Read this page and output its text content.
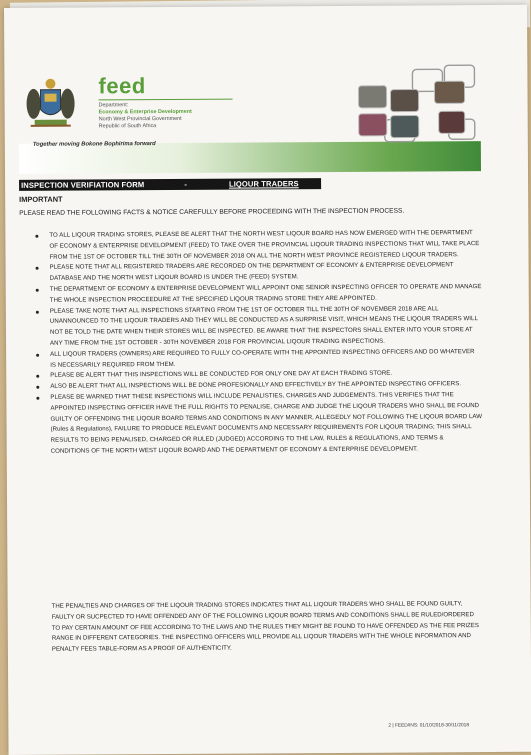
feed
Department:
Economy & Enterprise Development
North West Provincial Government
Republic of South Africa
Together moving Bokone Bophirima forward
INSPECTION VERIFIATION FORM	-	LIQOUR TRADERS
IMPORTANT
PLEASE READ THE FOLLOWING FACTS & NOTICE CAREFULLY BEFORE PROCEEDING WITH THE INSPECTION PROCESS.
TO ALL LIQOUR TRADING STORES, PLEASE BE ALERT THAT THE NORTH WEST LIQOUR BOARD HAS NOW EMERGED WITH THE DEPARTMENT OF ECONOMY & ENTERPRISE DEVELOPMENT (FEED) TO TAKE OVER THE PROVINCIAL LIQOUR TRADING INSPECTIONS THAT WILL TAKE PLACE FROM THE 1ST OF OCTOBER TILL THE 30TH OF NOVEMBER 2018 ON ALL THE NORTH WEST PROVINCE REGISTERED LIQOUR TRADERS.
PLEASE NOTE THAT ALL REGISTERED TRADERS ARE RECORDED ON THE DEPARTMENT OF ECONOMY & ENTERPRISE DEVELOPMENT DATABASE AND THE NORTH WEST LIQOUR BOARD IS UNDER THE (FEED) SYSTEM.
THE DEPARTMENT OF ECONOMY & ENTERPRISE DEVELOPMENT WILL APPOINT ONE SENIOR INSPECTING OFFICER TO OPERATE AND MANAGE THE WHOLE INSPECTION PROCEEDURE AT THE SPECIFIED LIQOUR TRADING STORE THEY ARE APPOINTED.
PLEASE TAKE NOTE THAT ALL INSPECTIONS STARTING FROM THE 1ST OF OCTOBER TILL THE 30TH OF NOVEMBER 2018 ARE ALL UNANNOUNCED TO THE LIQOUR TRADERS AND THEY WILL BE CONDUCTED AS A SURPRISE VISIT, WHICH MEANS THE LIQOUR TRADERS WILL NOT BE TOLD THE DATE WHEN THEIR STORES WILL BE INSPECTED. BE AWARE THAT THE INSPECTORS SHALL ENTER INTO YOUR STORE AT ANY TIME FROM THE 1ST OCTOBER - 30TH NOVEMBER 2018 FOR PROVINCIAL LIQOUR TRADING INSPECTIONS.
ALL LIQOUR TRADERS (OWNERS) ARE REQUIRED TO FULLY CO-OPERATE WITH THE APPOINTED INSPECTING OFFICERS AND DO WHATEVER IS NECESSARILY REQUIRED FROM THEM.
PLEASE BE ALERT THAT THIS INSPECTIONS WILL BE CONDUCTED FOR ONLY ONE DAY AT EACH TRADING STORE.
ALSO BE ALERT THAT ALL INSPECTIONS WILL BE DONE PROFESIONALLY AND EFFECTIVELY BY THE APPOINTED INSPECTING OFFICERS.
PLEASE BE WARNED THAT THESE INSPECTIONS WILL INCLUDE PENALISTIES, CHARGES AND JUDGEMENTS. THIS VERIFIES THAT THE APPOINTED INSPECTING OFFICER HAVE THE FULL RIGHTS TO PENALISE, CHARGE AND JUDGE THE LIQOUR TRADERS WHO SHALL BE FOUND GUILTY OF OFFENDING THE LIQOUR BOARD TERMS AND CONDITIONS IN ANY MANNER, ALLEGEDLY NOT FOLLOWING THE LIQOUR BOARD LAW (Rules & Regulations), FAILURE TO PRODUCE RELEVANT DOCUMENTS AND NECESSARY REQUIREMENTS FOR LIQOUR TRADING; THIS SHALL RESULTS TO BEING PENALISED, CHARGED OR RULED (JUDGED) ACCORDING TO THE LAW, RULES & REGULATIONS, AND TERMS & CONDITIONS OF THE NORTH WEST LIQOUR BOARD AND THE DEPARTMENT OF ECONOMY & ENTERPRISE DEVELOPMENT.
THE PENALTIES AND CHARGES OF THE LIQOUR TRADING STORES INDICATES THAT ALL LIQOUR TRADERS WHO SHALL BE FOUND GUILTY, FAULTY OR SUCPECTED TO HAVE OFFENDED ANY OF THE FOLLOWING LIQOUR BOARD TERMS AND CONDITIONS SHALL BE RULED/ORDERED TO PAY CERTAIN AMOUNT OF FEE ACCORDING TO THE LAWS AND THE RULES THEY MIGHT BE FOUND TO HAVE OFFENDED AS THE FEE PRIZES RANGE IN DIFFERENT CATEGORIES. THE INSPECTING OFFICERS WILL PROVIDE ALL LIQOUR TRADERS WITH THE WHOLE INFORMATION AND PENALTY FEES TABLE-FORM AS A PROOF OF AUTHENTICITY.
2 | FEED/INS: 01/10/2018-30/11/2018
